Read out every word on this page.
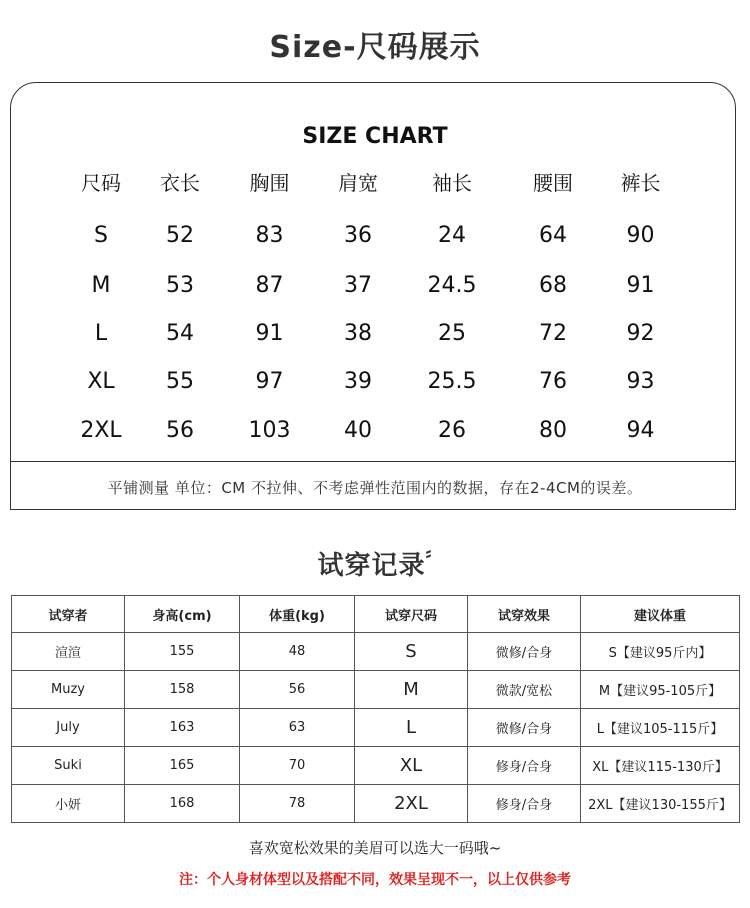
Size-尺码展示
SIZE CHART
尺码	衣长	胸围	肩宽	袖长	腰围	裤长
S	52	83	36	24	64	90
M	53	87	37	24.5	68	91
L	54	91	38	25	72	92
XL	55	97	39	25.5	76	93
2XL	56	103	40	26	80	94
平铺测量 单位：CM 不拉伸、不考虑弹性范围内的数据，存在2-4CM的误差。
试穿记录⸗
试穿者	身高(cm)	体重(kg)	试穿尺码	试穿效果	建议体重
渲渲	155	48	S	微修/合身	S【建议95斤内】
Muzy	158	56	M	微款/宽松	M【建议95-105斤】
July	163	63	L	微修/合身	L【建议105-115斤】
Suki	165	70	XL	修身/合身	XL【建议115-130斤】
小妍	168	78	2XL	修身/合身	2XL【建议130-155斤】
喜欢宽松效果的美眉可以选大一码哦~
注：个人身材体型以及搭配不同，效果呈现不一，以上仅供参考
